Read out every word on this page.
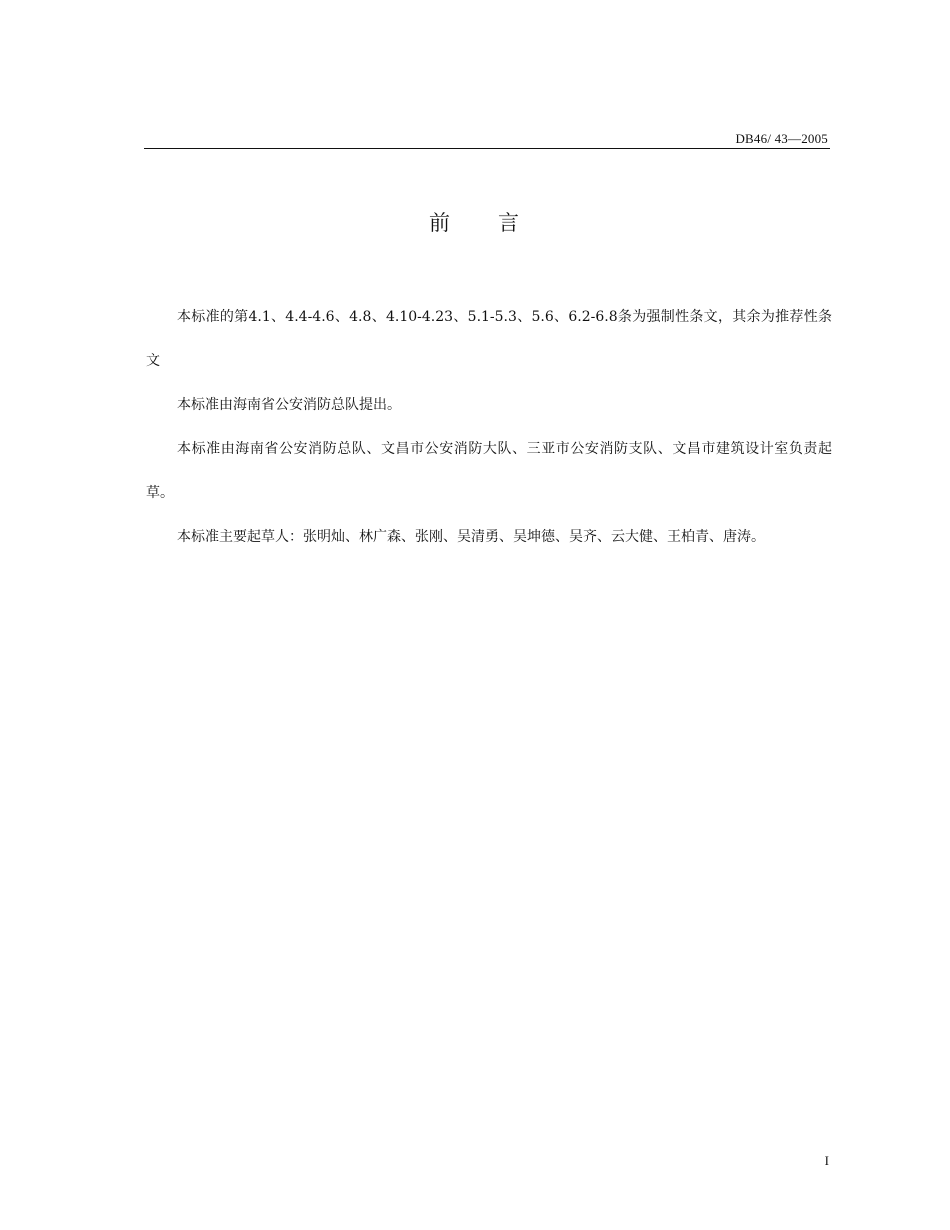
DB46/ 43—2005
前 言

本标准的第4.1、4.4-4.6、4.8、4.10-4.23、5.1-5.3、5.6、6.2-6.8条为强制性条文，其余为推荐性条文

本标准由海南省公安消防总队提出。

本标准由海南省公安消防总队、文昌市公安消防大队、三亚市公安消防支队、文昌市建筑设计室负责起草。

本标准主要起草人：张明灿、林广森、张刚、吴清勇、吴坤德、吴齐、云大健、王柏青、唐涛。

I
